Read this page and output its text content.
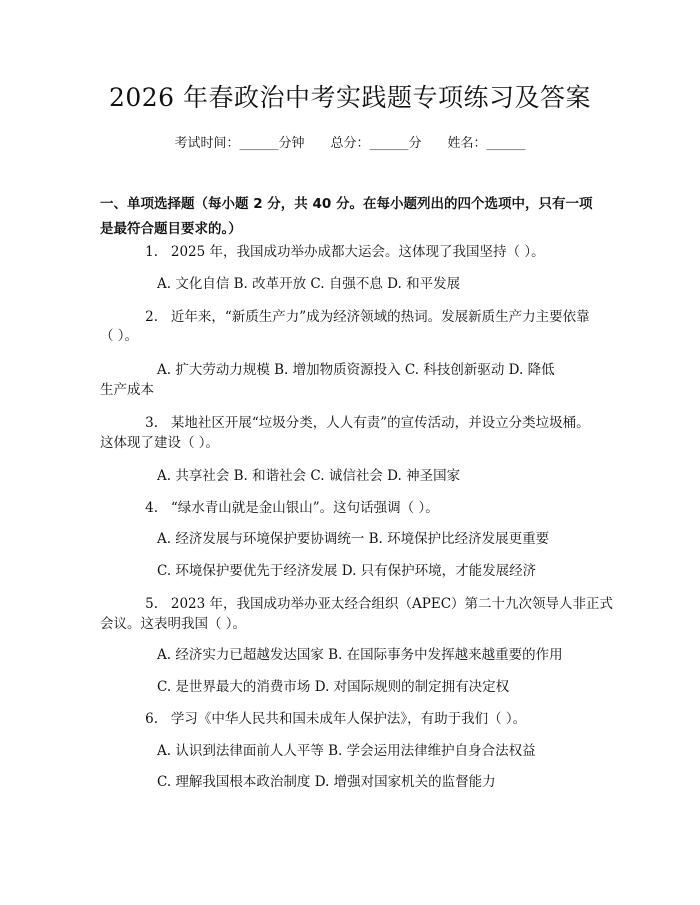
2026 年春政治中考实践题专项练习及答案
考试时间：______分钟 总分：______分 姓名：______
一、单项选择题（每小题 2 分，共 40 分。在每小题列出的四个选项中，只有一项是最符合题目要求的。）
1. 2025 年，我国成功举办成都大运会。这体现了我国坚持（ ）。
A. 文化自信 B. 改革开放 C. 自强不息 D. 和平发展
2. 近年来，“新质生产力”成为经济领域的热词。发展新质生产力主要依靠
（ ）。
A. 扩大劳动力规模 B. 增加物质资源投入 C. 科技创新驱动 D. 降低
生产成本
3. 某地社区开展“垃圾分类，人人有责”的宣传活动，并设立分类垃圾桶。
这体现了建设（ ）。
A. 共享社会 B. 和谐社会 C. 诚信社会 D. 神圣国家
4. “绿水青山就是金山银山”。这句话强调（ ）。
A. 经济发展与环境保护要协调统一 B. 环境保护比经济发展更重要
C. 环境保护要优先于经济发展 D. 只有保护环境，才能发展经济
5. 2023 年，我国成功举办亚太经合组织（APEC）第二十九次领导人非正式
会议。这表明我国（ ）。
A. 经济实力已超越发达国家 B. 在国际事务中发挥越来越重要的作用
C. 是世界最大的消费市场 D. 对国际规则的制定拥有决定权
6. 学习《中华人民共和国未成年人保护法》，有助于我们（ ）。
A. 认识到法律面前人人平等 B. 学会运用法律维护自身合法权益
C. 理解我国根本政治制度 D. 增强对国家机关的监督能力
